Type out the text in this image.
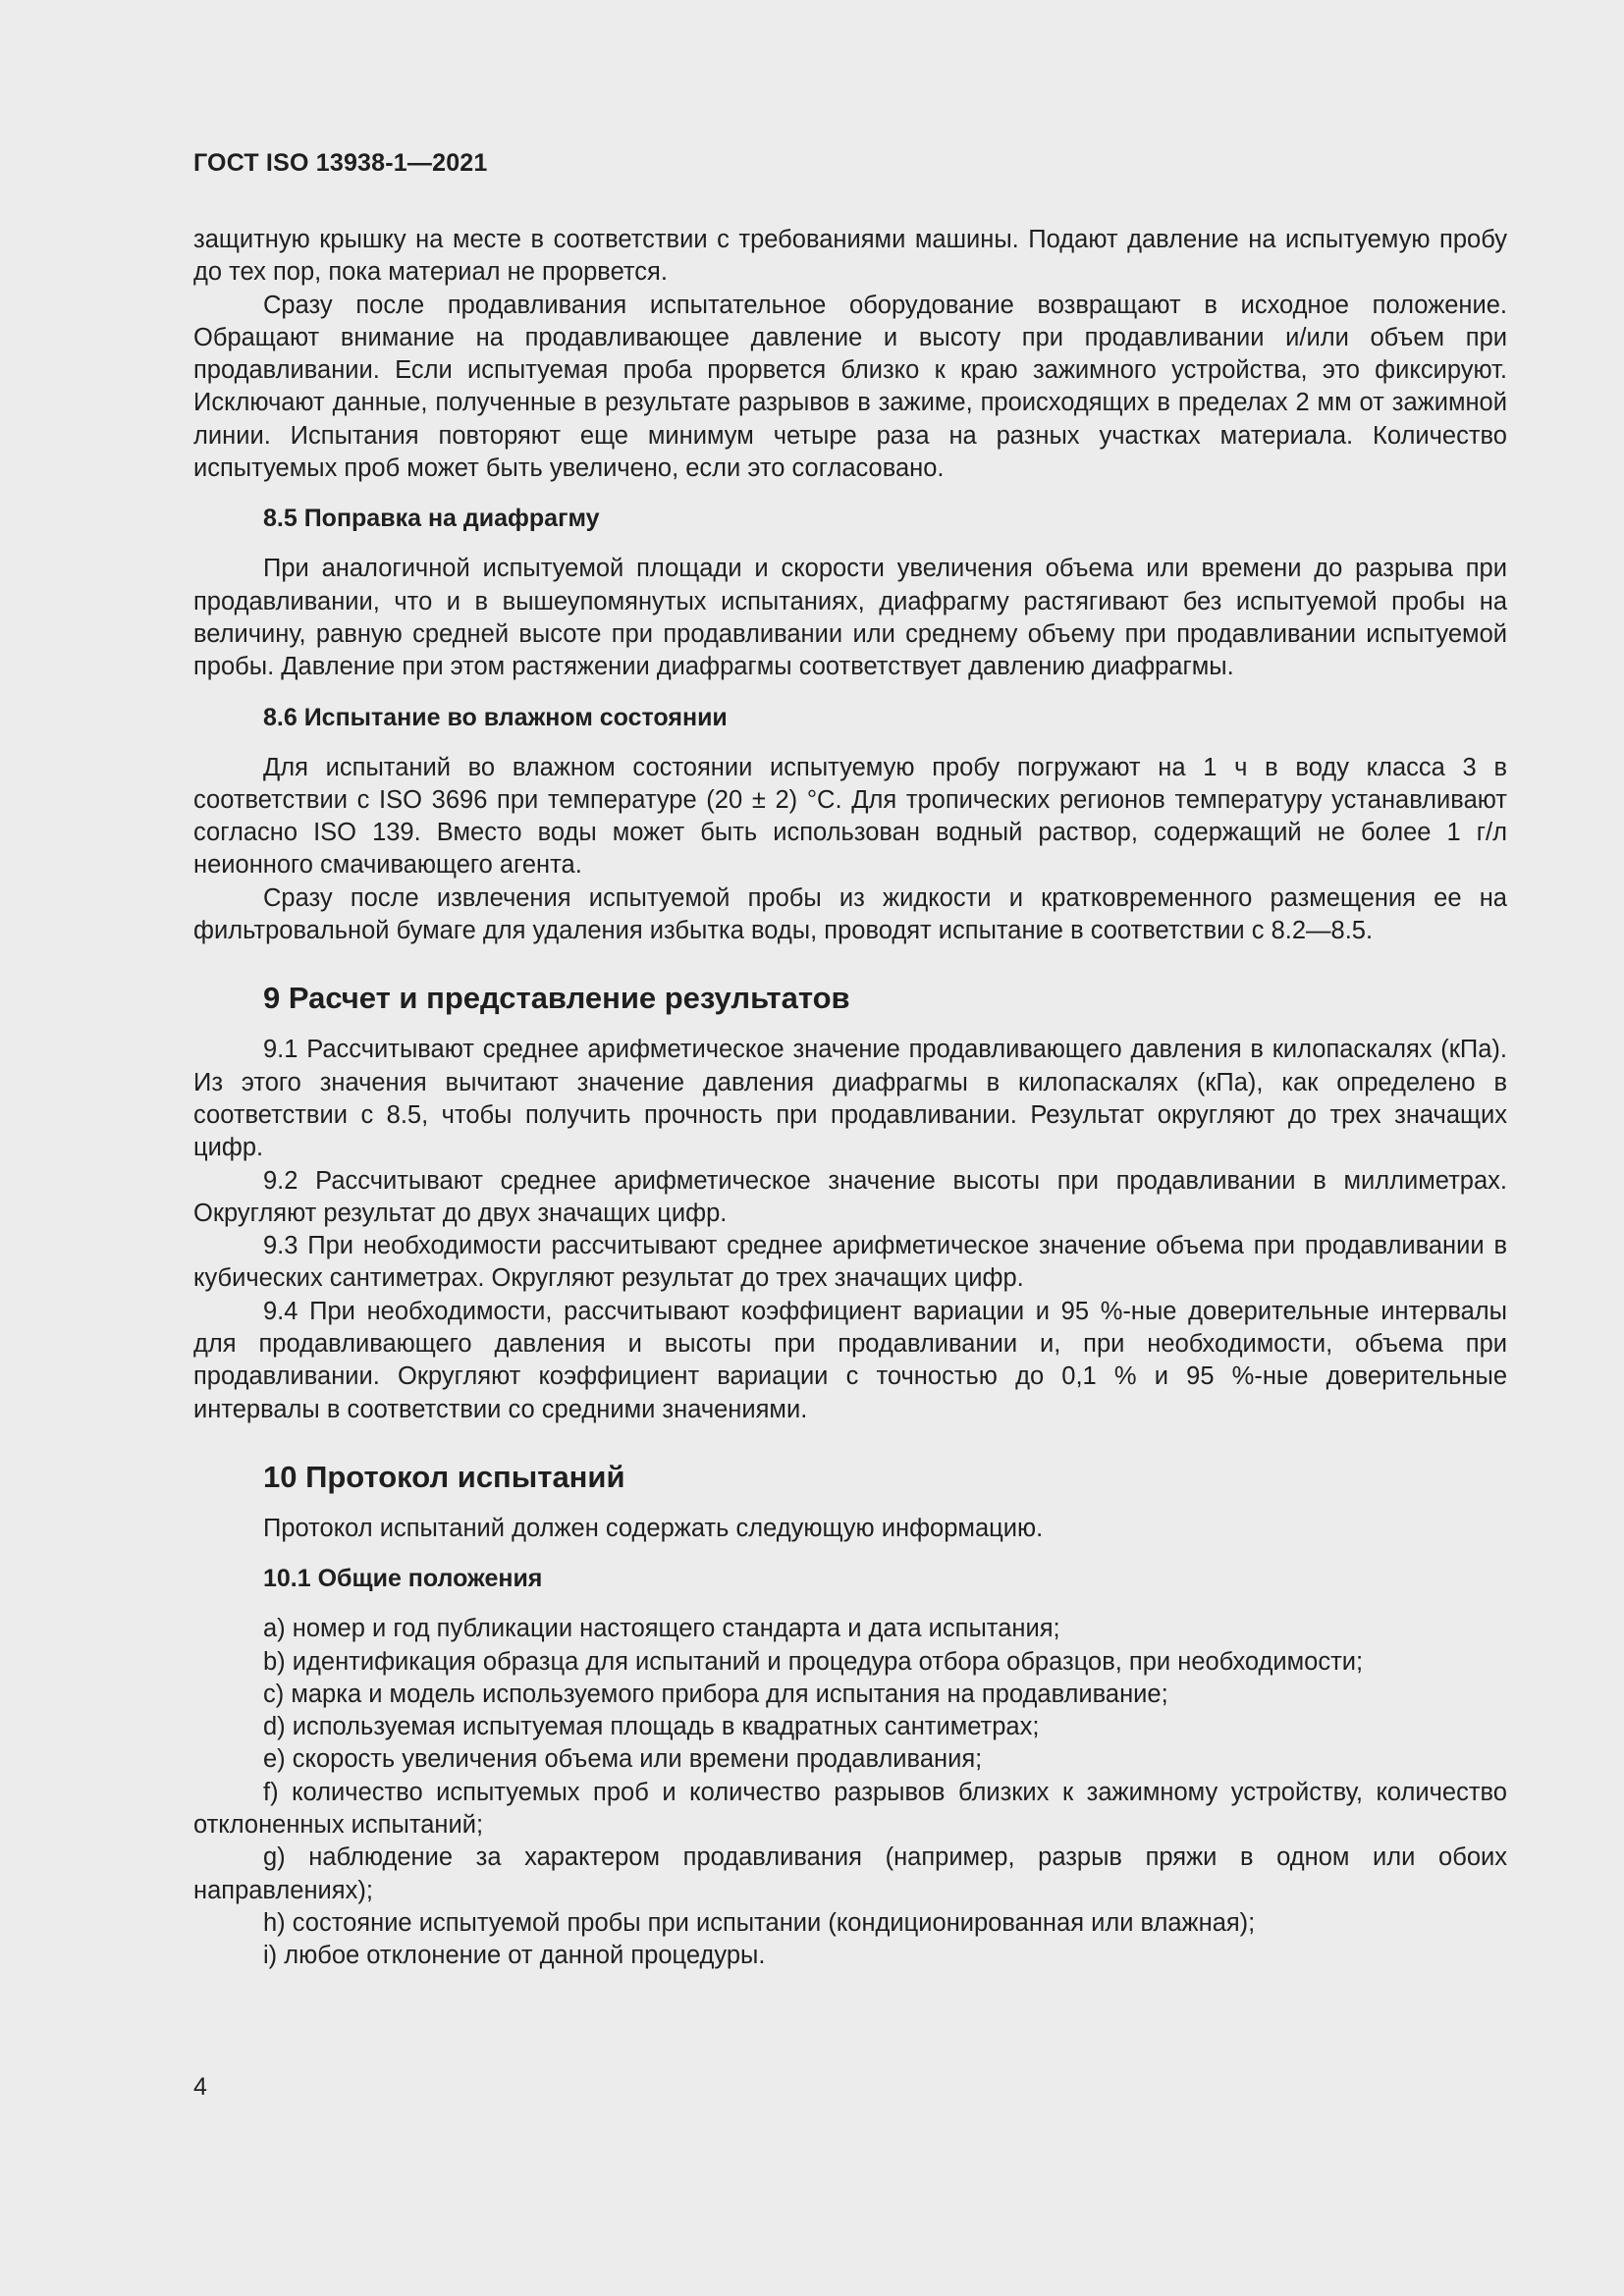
ГОСТ ISO 13938-1—2021

защитную крышку на месте в соответствии с требованиями машины. Подают давление на испытуемую пробу до тех пор, пока материал не прорвется.

Сразу после продавливания испытательное оборудование возвращают в исходное положение. Обращают внимание на продавливающее давление и высоту при продавливании и/или объем при продавливании. Если испытуемая проба прорвется близко к краю зажимного устройства, это фиксируют. Исключают данные, полученные в результате разрывов в зажиме, происходящих в пределах 2 мм от зажимной линии. Испытания повторяют еще минимум четыре раза на разных участках материала. Количество испытуемых проб может быть увеличено, если это согласовано.

8.5 Поправка на диафрагму

При аналогичной испытуемой площади и скорости увеличения объема или времени до разрыва при продавливании, что и в вышеупомянутых испытаниях, диафрагму растягивают без испытуемой пробы на величину, равную средней высоте при продавливании или среднему объему при продавливании испытуемой пробы. Давление при этом растяжении диафрагмы соответствует давлению диафрагмы.

8.6 Испытание во влажном состоянии

Для испытаний во влажном состоянии испытуемую пробу погружают на 1 ч в воду класса 3 в соответствии с ISO 3696 при температуре (20 ± 2) °С. Для тропических регионов температуру устанавливают согласно ISO 139. Вместо воды может быть использован водный раствор, содержащий не более 1 г/л неионного смачивающего агента.

Сразу после извлечения испытуемой пробы из жидкости и кратковременного размещения ее на фильтровальной бумаге для удаления избытка воды, проводят испытание в соответствии с 8.2—8.5.

9 Расчет и представление результатов

9.1 Рассчитывают среднее арифметическое значение продавливающего давления в килопаскалях (кПа). Из этого значения вычитают значение давления диафрагмы в килопаскалях (кПа), как определено в соответствии с 8.5, чтобы получить прочность при продавливании. Результат округляют до трех значащих цифр.

9.2 Рассчитывают среднее арифметическое значение высоты при продавливании в миллиметрах. Округляют результат до двух значащих цифр.

9.3 При необходимости рассчитывают среднее арифметическое значение объема при продавливании в кубических сантиметрах. Округляют результат до трех значащих цифр.

9.4 При необходимости, рассчитывают коэффициент вариации и 95 %-ные доверительные интервалы для продавливающего давления и высоты при продавливании и, при необходимости, объема при продавливании. Округляют коэффициент вариации с точностью до 0,1 % и 95 %-ные доверительные интервалы в соответствии со средними значениями.

10 Протокол испытаний

Протокол испытаний должен содержать следующую информацию.

10.1 Общие положения

a) номер и год публикации настоящего стандарта и дата испытания;

b) идентификация образца для испытаний и процедура отбора образцов, при необходимости;

c) марка и модель используемого прибора для испытания на продавливание;

d) используемая испытуемая площадь в квадратных сантиметрах;

e) скорость увеличения объема или времени продавливания;

f) количество испытуемых проб и количество разрывов близких к зажимному устройству, количество отклоненных испытаний;

g) наблюдение за характером продавливания (например, разрыв пряжи в одном или обоих направлениях);

h) состояние испытуемой пробы при испытании (кондиционированная или влажная);

i) любое отклонение от данной процедуры.

4
